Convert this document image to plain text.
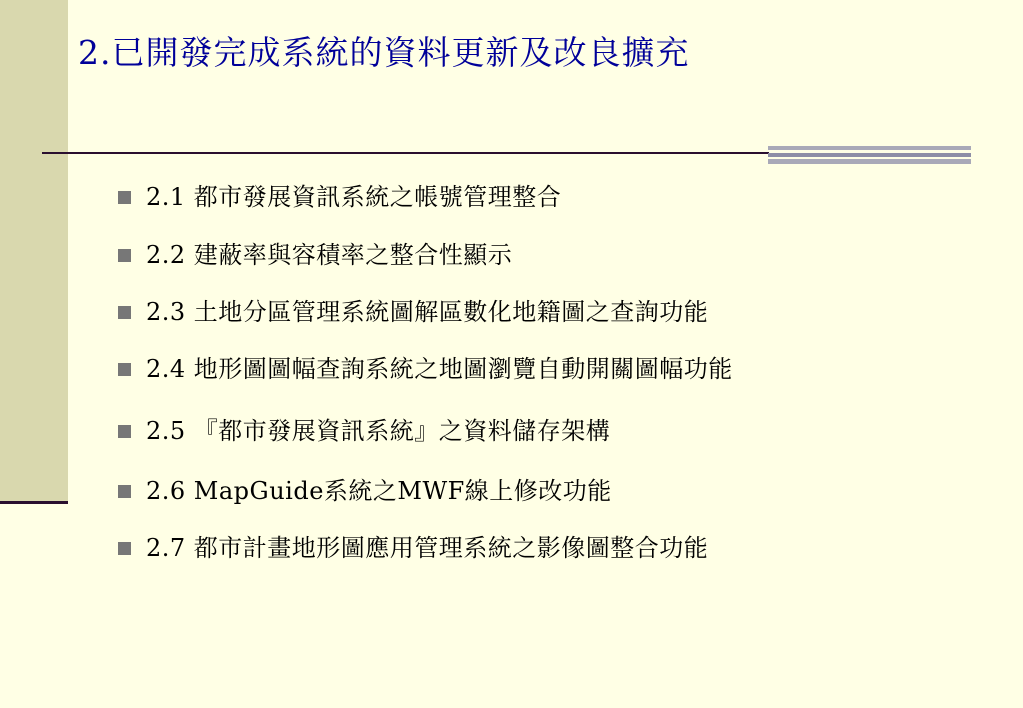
2.已開發完成系統的資料更新及改良擴充
2.1 都市發展資訊系統之帳號管理整合
2.2 建蔽率與容積率之整合性顯示
2.3 土地分區管理系統圖解區數化地籍圖之查詢功能
2.4 地形圖圖幅查詢系統之地圖瀏覽自動開關圖幅功能
2.5 『都市發展資訊系統』之資料儲存架構
2.6 MapGuide系統之MWF線上修改功能
2.7 都市計畫地形圖應用管理系統之影像圖整合功能
